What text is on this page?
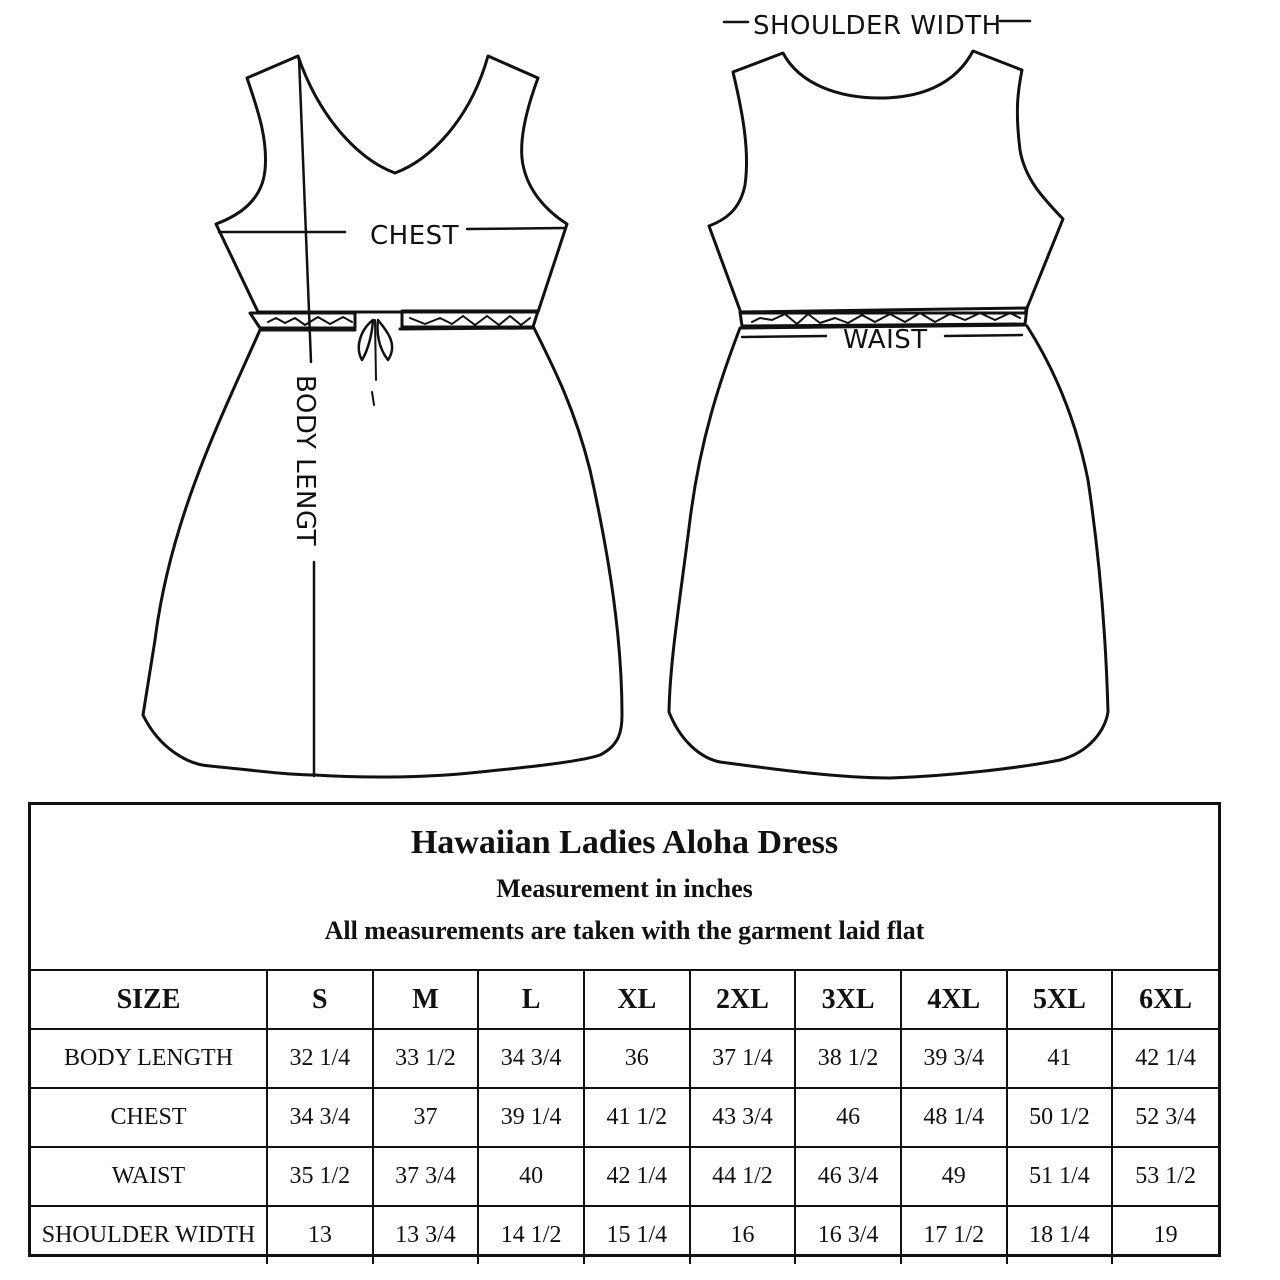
CHEST
BODY LENGT
SHOULDER WIDTH
WAIST
Hawaiian Ladies Aloha Dress
Measurement in inches
All measurements are taken with the garment laid flat
SIZE	S	M	L	XL	2XL	3XL	4XL	5XL	6XL
BODY LENGTH	32 1/4	33 1/2	34 3/4	36	37 1/4	38 1/2	39 3/4	41	42 1/4
CHEST	34 3/4	37	39 1/4	41 1/2	43 3/4	46	48 1/4	50 1/2	52 3/4
WAIST	35 1/2	37 3/4	40	42 1/4	44 1/2	46 3/4	49	51 1/4	53 1/2
SHOULDER WIDTH	13	13 3/4	14 1/2	15 1/4	16	16 3/4	17 1/2	18 1/4	19
